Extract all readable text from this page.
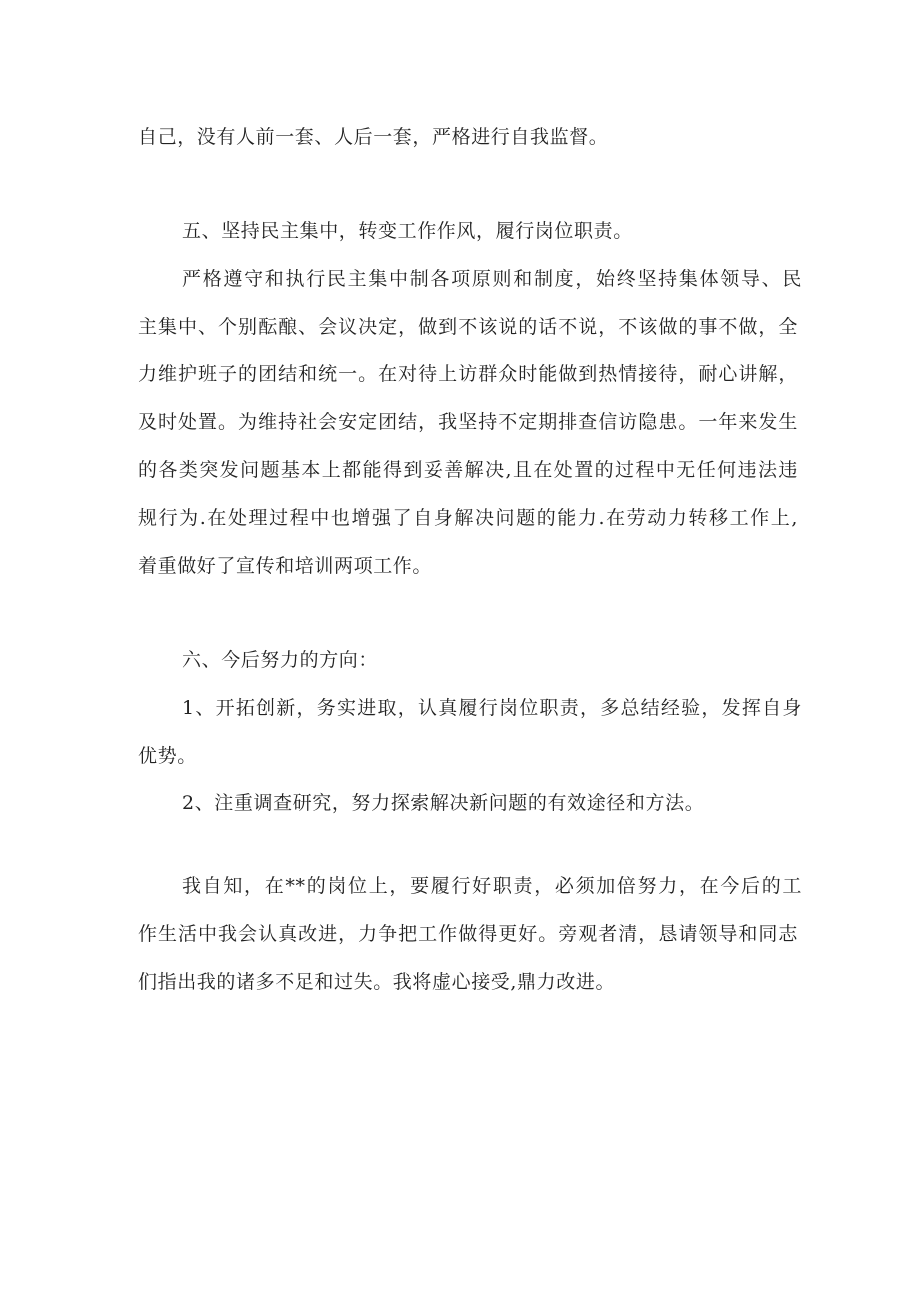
自己，没有人前一套、人后一套，严格进行自我监督。
五、坚持民主集中，转变工作作风，履行岗位职责。
严格遵守和执行民主集中制各项原则和制度，始终坚持集体领导、民
主集中、个别酝酿、会议决定，做到不该说的话不说，不该做的事不做，全
力维护班子的团结和统一。在对待上访群众时能做到热情接待，耐心讲解，
及时处置。为维持社会安定团结，我坚持不定期排查信访隐患。一年来发生
的各类突发问题基本上都能得到妥善解决,且在处置的过程中无任何违法违
规行为.在处理过程中也增强了自身解决问题的能力.在劳动力转移工作上,
着重做好了宣传和培训两项工作。
六、今后努力的方向：
1、开拓创新，务实进取，认真履行岗位职责，多总结经验，发挥自身
优势。
2、注重调查研究，努力探索解决新问题的有效途径和方法。
我自知，在**的岗位上，要履行好职责，必须加倍努力，在今后的工
作生活中我会认真改进，力争把工作做得更好。旁观者清，恳请领导和同志
们指出我的诸多不足和过失。我将虚心接受,鼎力改进。
